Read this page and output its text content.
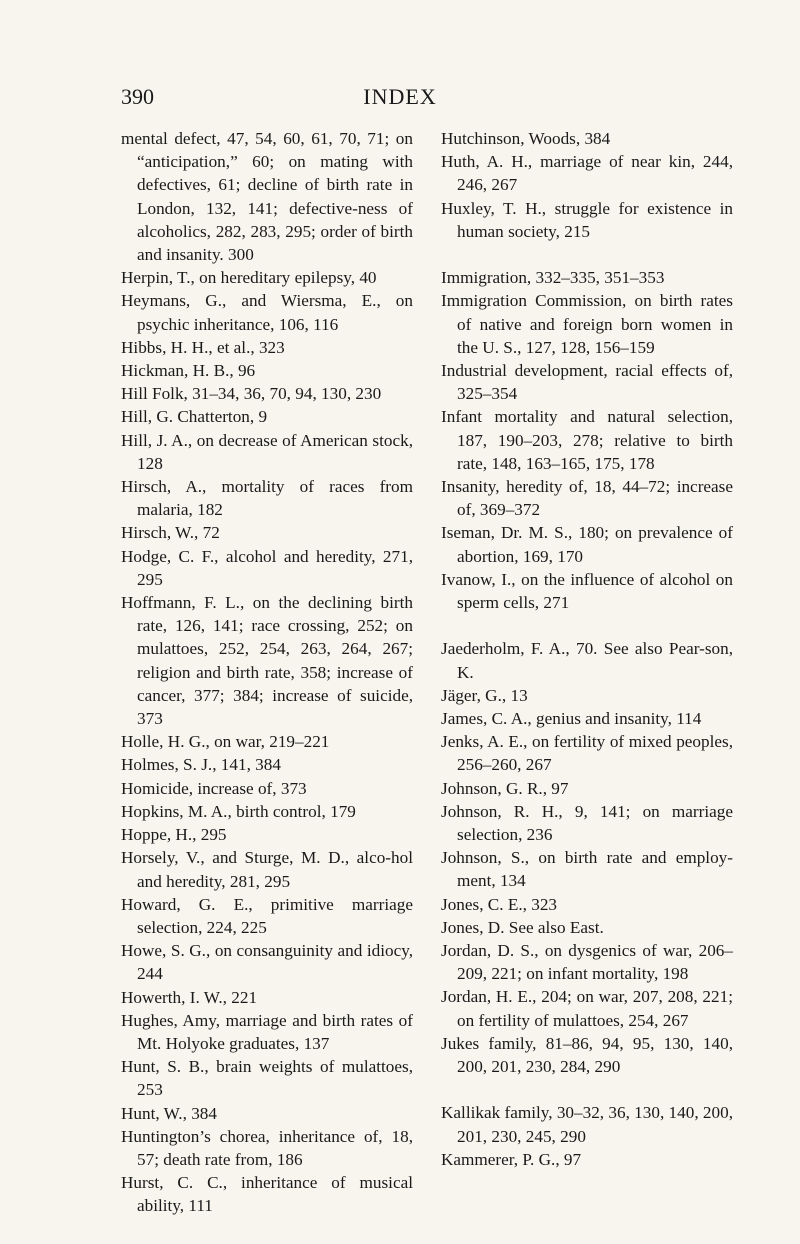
390	INDEX

mental defect, 47, 54, 60, 61, 70, 71; on “anticipation,” 60; on mating with defectives, 61; decline of birth rate in London, 132, 141; defective-ness of alcoholics, 282, 283, 295; order of birth and insanity. 300

Herpin, T., on hereditary epilepsy, 40

Heymans, G., and Wiersma, E., on psychic inheritance, 106, 116

Hibbs, H. H., et al., 323

Hickman, H. B., 96

Hill Folk, 31–34, 36, 70, 94, 130, 230

Hill, G. Chatterton, 9

Hill, J. A., on decrease of American stock, 128

Hirsch, A., mortality of races from malaria, 182

Hirsch, W., 72

Hodge, C. F., alcohol and heredity, 271, 295

Hoffmann, F. L., on the declining birth rate, 126, 141; race crossing, 252; on mulattoes, 252, 254, 263, 264, 267; religion and birth rate, 358; increase of cancer, 377; 384; increase of suicide, 373

Holle, H. G., on war, 219–221

Holmes, S. J., 141, 384

Homicide, increase of, 373

Hopkins, M. A., birth control, 179

Hoppe, H., 295

Horsely, V., and Sturge, M. D., alco-hol and heredity, 281, 295

Howard, G. E., primitive marriage selection, 224, 225

Howe, S. G., on consanguinity and idiocy, 244

Howerth, I. W., 221

Hughes, Amy, marriage and birth rates of Mt. Holyoke graduates, 137

Hunt, S. B., brain weights of mulattoes, 253

Hunt, W., 384

Huntington’s chorea, inheritance of, 18, 57; death rate from, 186

Hurst, C. C., inheritance of musical ability, 111

Hutchinson, Woods, 384

Huth, A. H., marriage of near kin, 244, 246, 267

Huxley, T. H., struggle for existence in human society, 215

Immigration, 332–335, 351–353

Immigration Commission, on birth rates of native and foreign born women in the U. S., 127, 128, 156–159

Industrial development, racial effects of, 325–354

Infant mortality and natural selection, 187, 190–203, 278; relative to birth rate, 148, 163–165, 175, 178

Insanity, heredity of, 18, 44–72; increase of, 369–372

Iseman, Dr. M. S., 180; on prevalence of abortion, 169, 170

Ivanow, I., on the influence of alcohol on sperm cells, 271

Jaederholm, F. A., 70. See also Pear-son, K.

Jäger, G., 13

James, C. A., genius and insanity, 114

Jenks, A. E., on fertility of mixed peoples, 256–260, 267

Johnson, G. R., 97

Johnson, R. H., 9, 141; on marriage selection, 236

Johnson, S., on birth rate and employ-ment, 134

Jones, C. E., 323

Jones, D. See also East.

Jordan, D. S., on dysgenics of war, 206–209, 221; on infant mortality, 198

Jordan, H. E., 204; on war, 207, 208, 221; on fertility of mulattoes, 254, 267

Jukes family, 81–86, 94, 95, 130, 140, 200, 201, 230, 284, 290

Kallikak family, 30–32, 36, 130, 140, 200, 201, 230, 245, 290

Kammerer, P. G., 97
